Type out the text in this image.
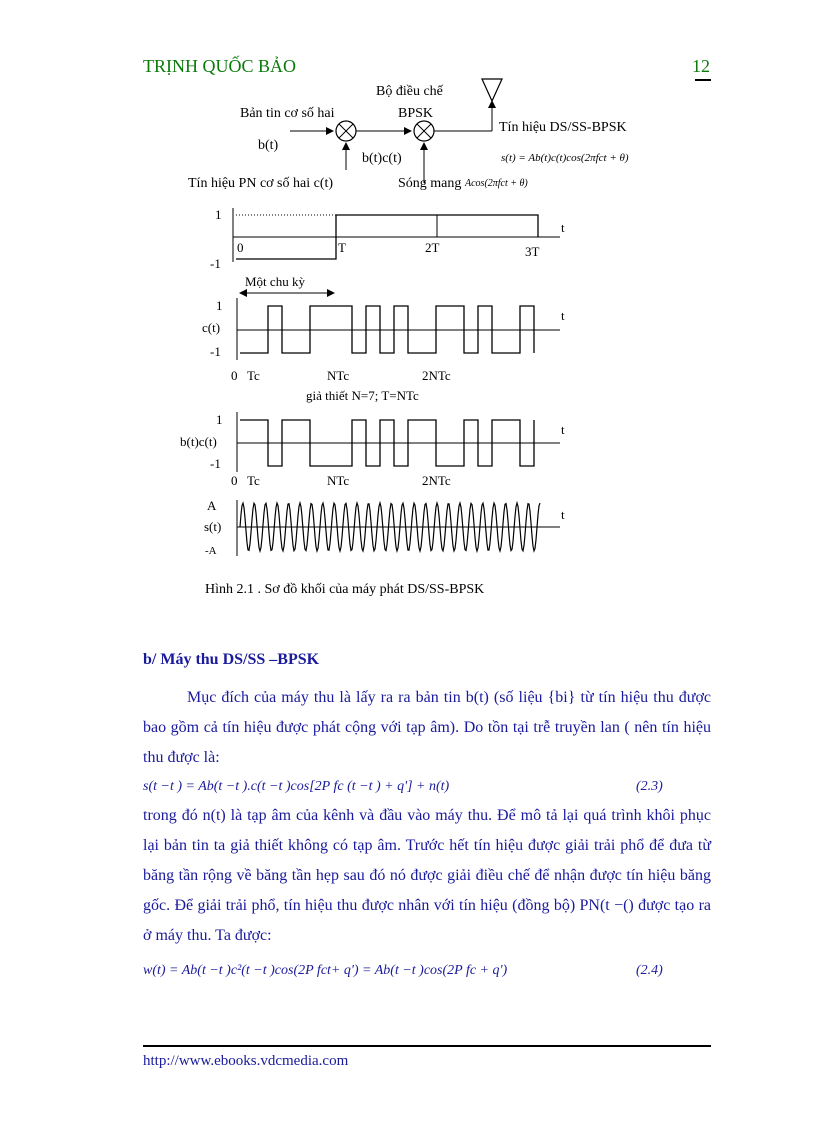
TRỊNH QUỐC BẢO	12
Bộ điều chế
BPSK
Bản tin cơ số hai
b(t)
b(t)c(t)
Tín hiệu DS/SS-BPSK
s(t) = Ab(t)c(t)cos(2πfct + θ)
Tín hiệu PN cơ số hai c(t)	Sóng mang Acos(2πfct + θ)
1
-1
t
0	T	2T	3T
Một chu kỳ
1
c(t)
-1
t
0 Tc	NTc	2NTc
giả thiết N=7; T=NTc
1
b(t)c(t)
-1
t
0 Tc	NTc	2NTc
A
s(t)
-A
t
Hình 2.1 . Sơ đồ khối của máy phát DS/SS-BPSK
b/ Máy thu DS/SS –BPSK
Mục đích của máy thu là lấy ra ra bản tin b(t) (số liệu {bi} từ tín hiệu thu được bao gồm cả tín hiệu được phát cộng với tạp âm). Do tồn tại trễ truyền lan ( nên tín hiệu thu được là:
s(t −t ) = Ab(t −t ).c(t −t )cos[2P fc (t −t ) + q'] + n(t)	(2.3)
trong đó n(t) là tạp âm của kênh và đầu vào máy thu. Để mô tả lại quá trình khôi phục lại bản tin ta giả thiết không có tạp âm. Trước hết tín hiệu được giải trải phổ để đưa từ băng tần rộng về băng tần hẹp sau đó nó được giải điều chế để nhận được tín hiệu băng gốc. Để giải trải phổ, tín hiệu thu được nhân với tín hiệu (đồng bộ) PN(t −() được tạo ra ở máy thu. Ta được:
w(t) = Ab(t −t )c²(t −t )cos(2P fct+ q') = Ab(t −t )cos(2P fc + q')	(2.4)
http://www.ebooks.vdcmedia.com
